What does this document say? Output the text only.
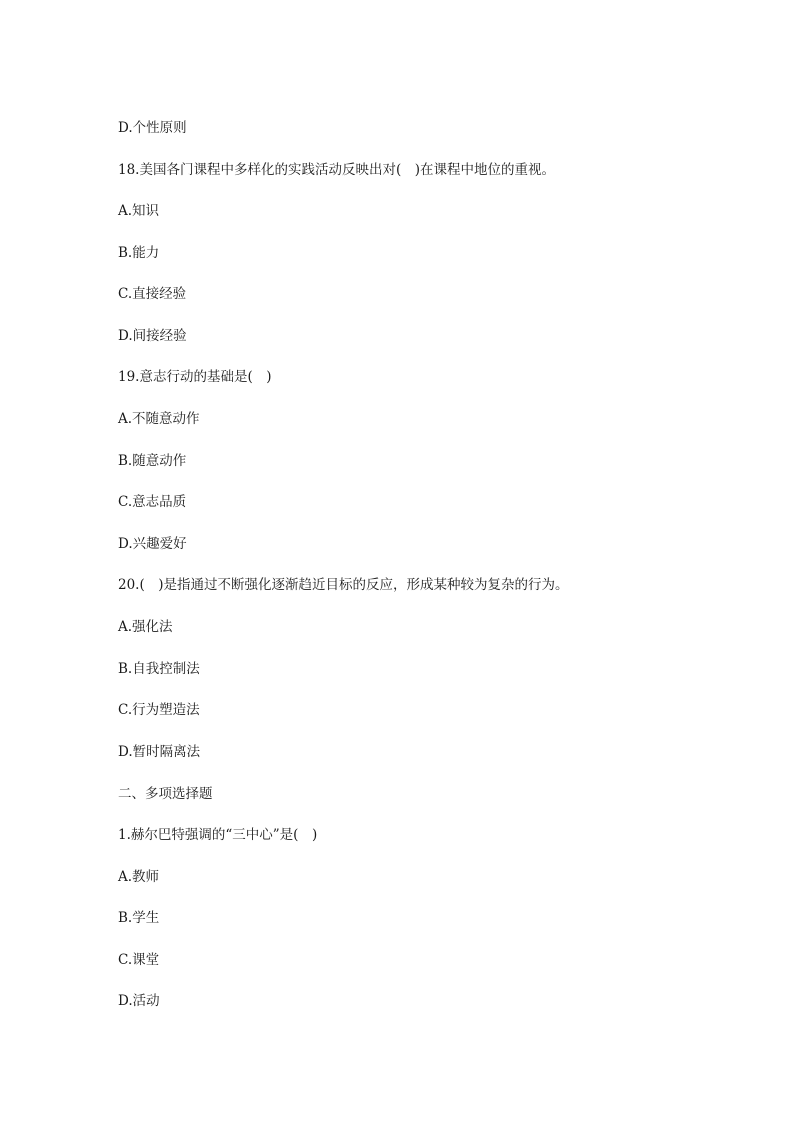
D.个性原则

18.美国各门课程中多样化的实践活动反映出对(　)在课程中地位的重视。

A.知识

B.能力

C.直接经验

D.间接经验

19.意志行动的基础是(　)

A.不随意动作

B.随意动作

C.意志品质

D.兴趣爱好

20.(　)是指通过不断强化逐渐趋近目标的反应，形成某种较为复杂的行为。

A.强化法

B.自我控制法

C.行为塑造法

D.暂时隔离法

二、多项选择题

1.赫尔巴特强调的“三中心”是(　)

A.教师

B.学生

C.课堂

D.活动
